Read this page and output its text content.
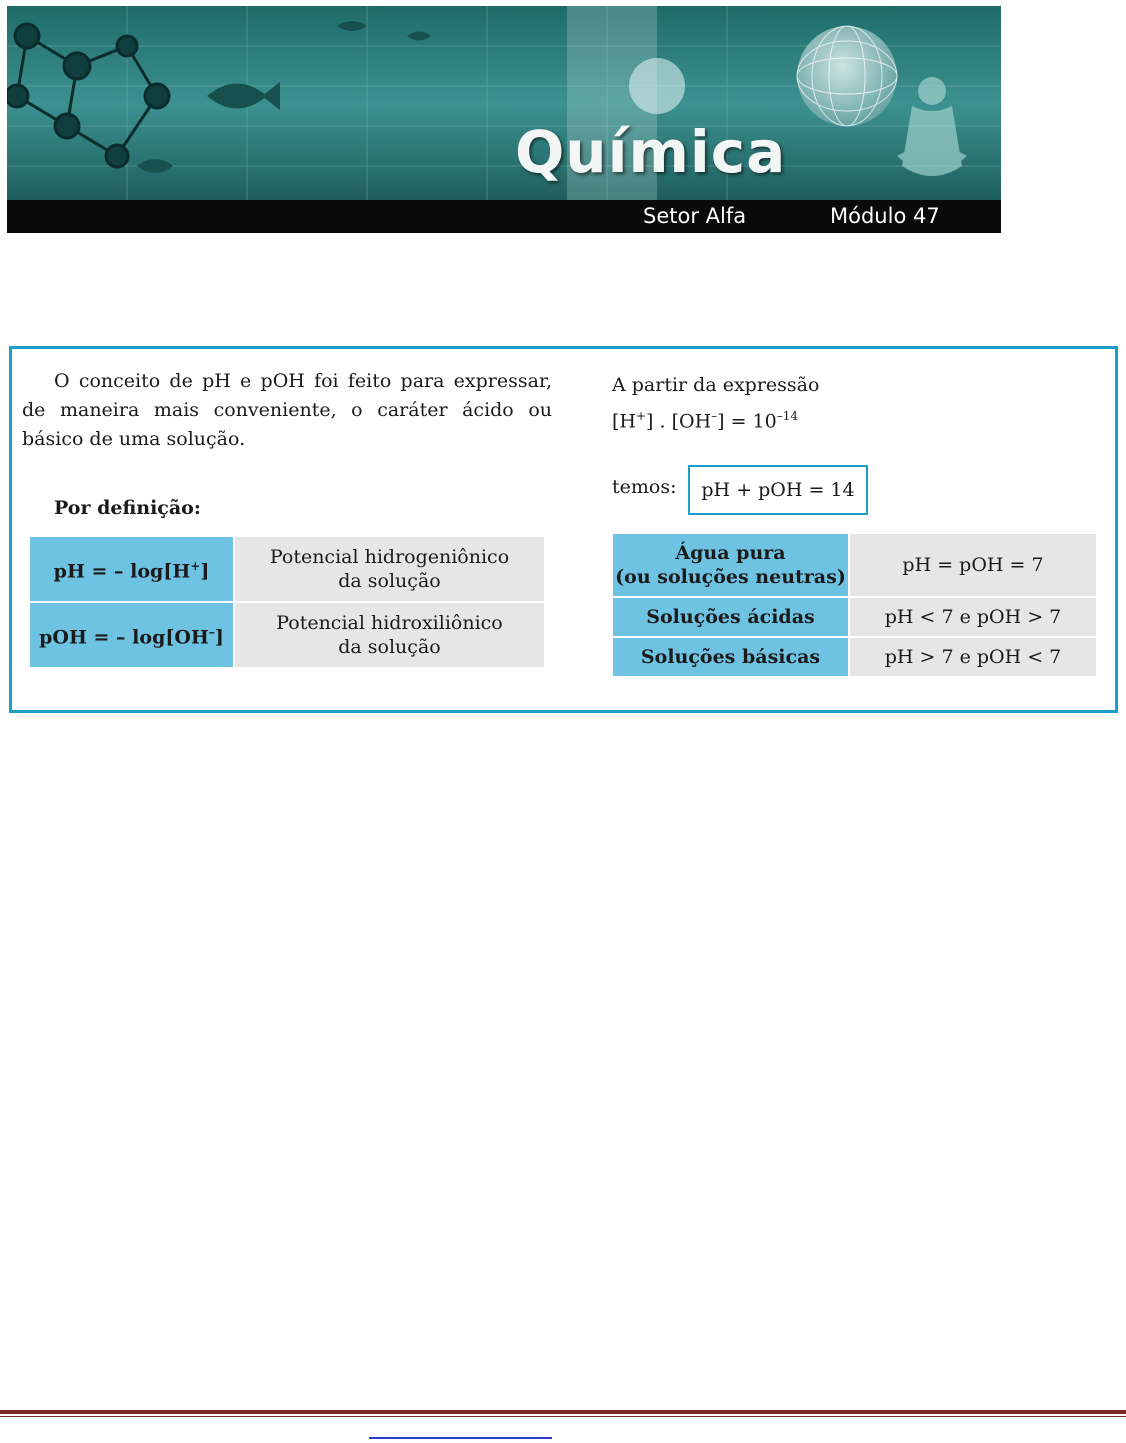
Química
Setor Alfa	Módulo 47

O conceito de pH e pOH foi feito para expressar, de maneira mais conveniente, o caráter ácido ou básico de uma solução.

Por definição:
pH = – log[H+]	Potencial hidrogeniônico
da solução
pOH = – log[OH–]	Potencial hidroxiliônico
da solução
A partir da expressão
[H+] . $[OH^-] = 10^{-14}$
temos: pH + pOH = 14
Água pura
(ou soluções neutras)	pH = pOH = 7
Soluções ácidas	pH < 7 e pOH > 7
Soluções básicas	pH > 7 e pOH < 7
